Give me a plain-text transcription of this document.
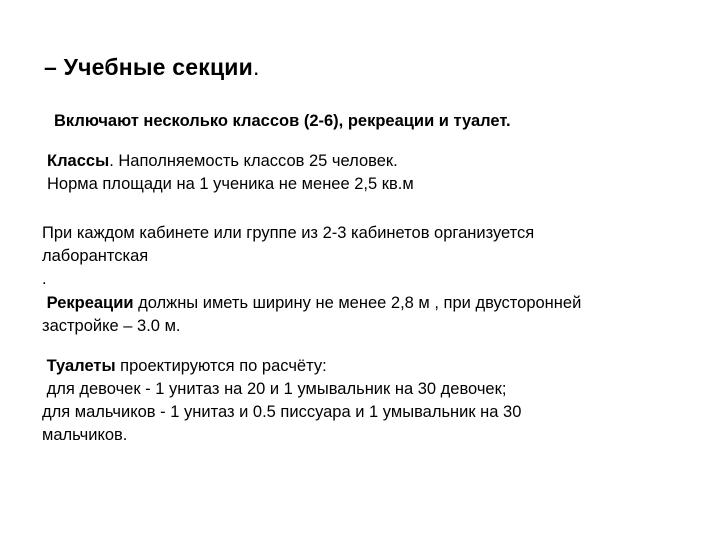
– Учебные секции.
Включают несколько классов (2-6), рекреации и туалет.
Классы. Наполняемость классов 25 человек.
Норма площади на 1 ученика не менее 2,5 кв.м
При каждом кабинете или группе из 2-3 кабинетов организуется
лаборантская
.
Рекреации должны иметь ширину не менее 2,8 м , при двусторонней
застройке – 3.0 м.
Туалеты проектируются по расчёту:
для девочек - 1 унитаз на 20 и 1 умывальник на 30 девочек;
для мальчиков - 1 унитаз и 0.5 писсуара и 1 умывальник на 30
мальчиков.
